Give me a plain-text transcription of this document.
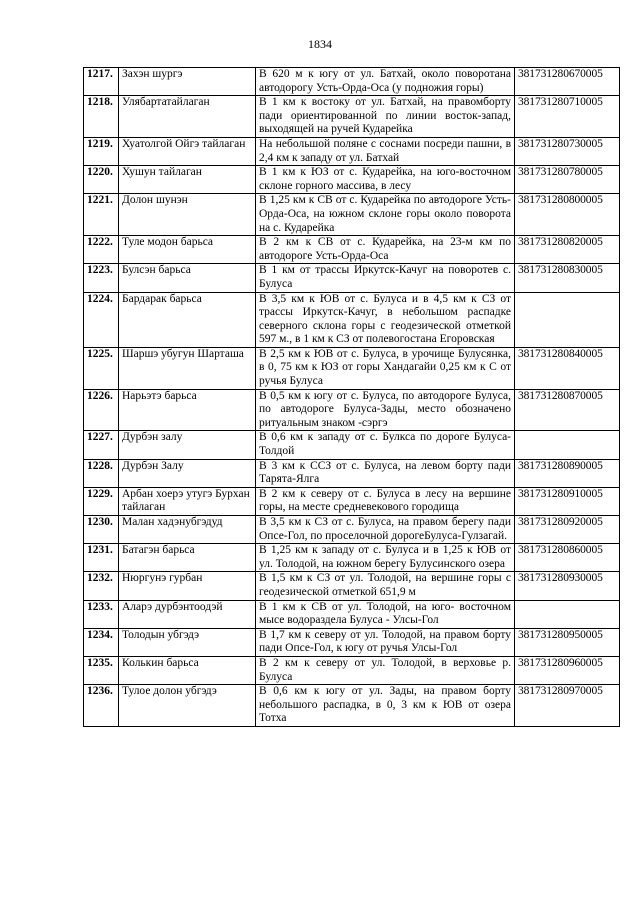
1834
1217.	Захэн шургэ	В 620 м к югу от ул. Батхай, около поворотана автодорогу Усть-Орда-Оса (у подножия горы)	381731280670005
1218.	Улябартатайлаган	В 1 км к востоку от ул. Батхай, на правомборту пади ориентированной по линии восток-запад, выходящей на ручей Кударейка	381731280710005
1219.	Хуатолгой Ойгэ тайлаган	На небольшой поляне с соснами посреди пашни, в 2,4 км к западу от ул. Батхай	381731280730005
1220.	Хушун тайлаган	В 1 км к ЮЗ от с. Кударейка, на юго-восточном склоне горного массива, в лесу	381731280780005
1221.	Долон шунэн	В 1,25 км к СВ от с. Кударейка по автодороге Усть-Орда-Оса, на южном склоне горы около поворота на с. Кударейка	381731280800005
1222.	Туле модон барьса	В 2 км к СВ от с. Кударейка, на 23-м км по автодороге Усть-Орда-Оса	381731280820005
1223.	Булсэн барьса	В 1 км от трассы Иркутск-Качуг на поворотев с. Булуса	381731280830005
1224.	Бардарак барьса	В 3,5 км к ЮВ от с. Булуса и в 4,5 км к СЗ от трассы Иркутск-Качуг, в небольшом распадке северного склона горы с геодезической отметкой 597 м., в 1 км к СЗ от полевогостана Егоровская	
1225.	Шаршэ убугун Шарташа	В 2,5 км к ЮВ от с. Булуса, в урочище Булусянка, в 0, 75 км к ЮЗ от горы Хандагайи 0,25 км к С от ручья Булуса	381731280840005
1226.	Нарьэтэ барьса	В 0,5 км к югу от с. Булуса, по автодороге Булуса, по автодороге Булуса-Зады, место обозначено ритуальным знаком -сэргэ	381731280870005
1227.	Дурбэн залу	В 0,6 км к западу от с. Булкса по дороге Булуса-Толдой	
1228.	Дурбэн Залу	В 3 км к ССЗ от с. Булуса, на левом борту пади Тарята-Ялга	381731280890005
1229.	Арбан хоерэ утугэ Бурхан тайлаган	В 2 км к северу от с. Булуса в лесу на вершине горы, на месте средневекового городища	381731280910005
1230.	Малан хадэнубгэдуд	В 3,5 км к СЗ от с. Булуса, на правом берегу пади Опсе-Гол, по проселочной дорогеБулуса-Гулзагай.	381731280920005
1231.	Батагэн барьса	В 1,25 км к западу от с. Булуса и в 1,25 к ЮВ от ул. Толодой, на южном берегу Булусинского озера	381731280860005
1232.	Нюргунэ гурбан	В 1,5 км к СЗ от ул. Толодой, на вершине горы с геодезической отметкой 651,9 м	381731280930005
1233.	Аларэ дурбэнтоодэй	В 1 км к СВ от ул. Толодой, на юго- восточном мысе водораздела Булуса - Улсы-Гол	
1234.	Толодын убгэдэ	В 1,7 км к северу от ул. Толодой, на правом борту пади Опсе-Гол, к югу от ручья Улсы-Гол	381731280950005
1235.	Колькин барьса	В 2 км к северу от ул. Толодой, в верховье р. Булуса	381731280960005
1236.	Тулое долон убгэдэ	В 0,6 км к югу от ул. Зады, на правом борту небольшого распадка, в 0, 3 км к ЮВ от озера Тотха	381731280970005
